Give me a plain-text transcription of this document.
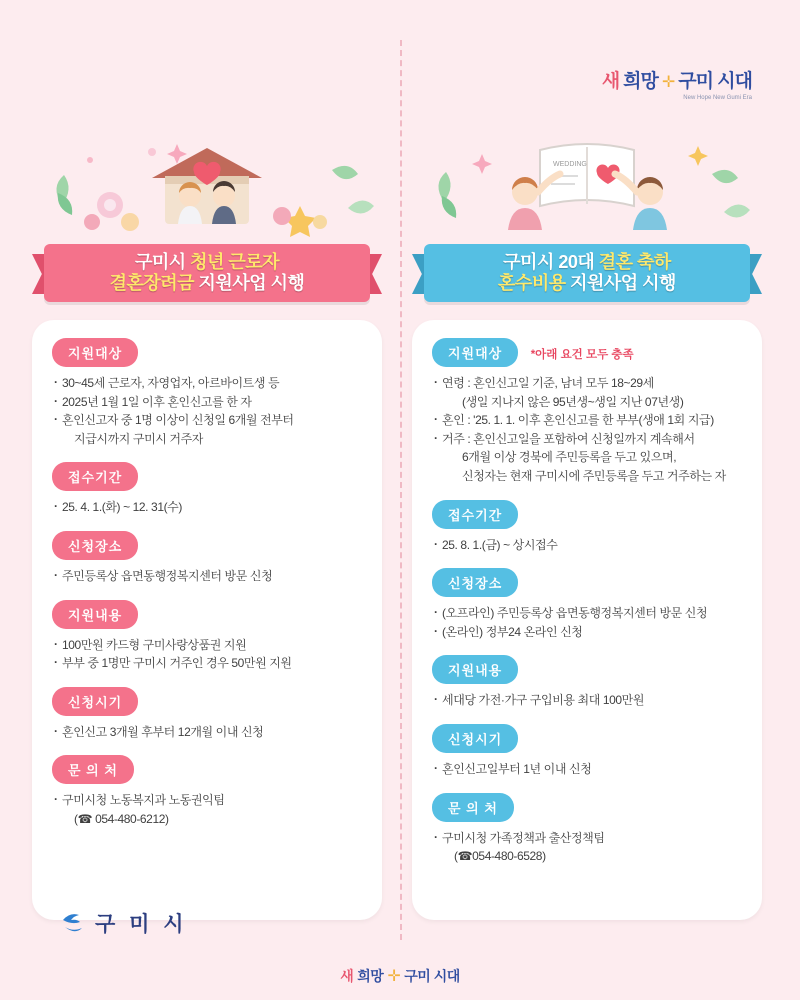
새 희망 ✛ 구미 시대
New Hope New Gumi Era
구미시 청년 근로자
결혼장려금 지원사업 시행
지원대상
· 30~45세 근로자, 자영업자, 아르바이트생 등
· 2025년 1월 1일 이후 혼인신고를 한 자
· 혼인신고자 중 1명 이상이 신청일 6개월 전부터
지급시까지 구미시 거주자
접수기간
· 25. 4. 1.(화) ~ 12. 31(수)
신청장소
· 주민등록상 읍면동행정복지센터 방문 신청
지원내용
· 100만원 카드형 구미사랑상품권 지원
· 부부 중 1명만 구미시 거주인 경우 50만원 지원
신청시기
· 혼인신고 3개월 후부터 12개월 이내 신청
문 의 처
· 구미시청 노동복지과 노동권익팀
(☎ 054-480-6212)
WEDDING
구미시 20대 결혼 축하
혼수비용 지원사업 시행
지원대상 *아래 요건 모두 충족
· 연령 : 혼인신고일 기준, 남녀 모두 18~29세
(생일 지나지 않은 95년생~생일 지난 07년생)
· 혼인 : '25. 1. 1. 이후 혼인신고를 한 부부(생애 1회 지급)
· 거주 : 혼인신고일을 포함하여 신청일까지 계속해서
6개월 이상 경북에 주민등록을 두고 있으며,
신청자는 현재 구미시에 주민등록을 두고 거주하는 자
접수기간
· 25. 8. 1.(금) ~ 상시접수
신청장소
· (오프라인) 주민등록상 읍면동행정복지센터 방문 신청
· (온라인) 정부24 온라인 신청
지원내용
· 세대당 가전·가구 구입비용 최대 100만원
신청시기
· 혼인신고일부터 1년 이내 신청
문 의 처
· 구미시청 가족정책과 출산정책팀
(☎054-480-6528)
구 미 시
새 희망 ✛ 구미 시대
